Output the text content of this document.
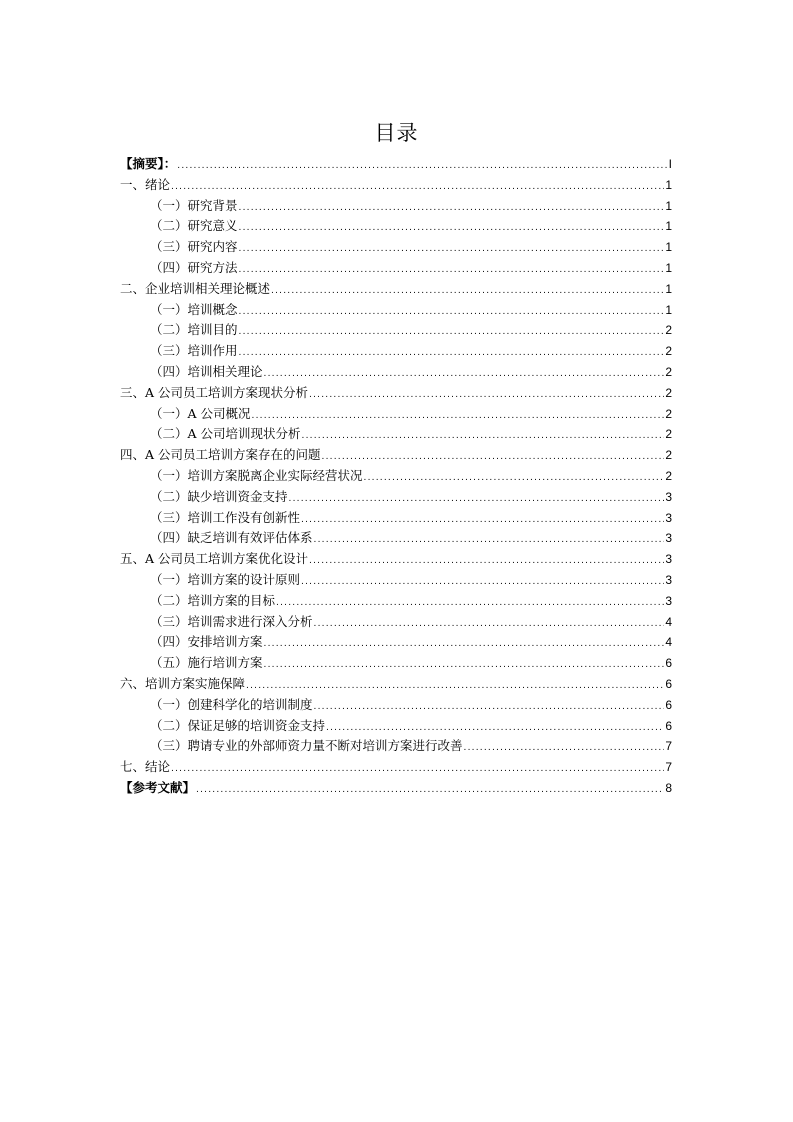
目录
【摘要】： .....	I
一、绪论 .....	1
（一）研究背景 .....	1
（二）研究意义 .....	1
（三）研究内容 .....	1
（四）研究方法 .....	1
二、企业培训相关理论概述 .....	1
（一）培训概念 .....	1
（二）培训目的 .....	2
（三）培训作用 .....	2
（四）培训相关理论 .....	2
三、A 公司员工培训方案现状分析 .....	2
（一）A 公司概况 .....	2
（二）A 公司培训现状分析 .....	2
四、A 公司员工培训方案存在的问题 .....	2
（一）培训方案脱离企业实际经营状况 .....	2
（二）缺少培训资金支持 .....	3
（三）培训工作没有创新性 .....	3
（四）缺乏培训有效评估体系 .....	3
五、A 公司员工培训方案优化设计 .....	3
（一）培训方案的设计原则 .....	3
（二）培训方案的目标 .....	3
（三）培训需求进行深入分析 .....	4
（四）安排培训方案 .....	4
（五）施行培训方案 .....	6
六、培训方案实施保障 .....	6
（一）创建科学化的培训制度 .....	6
（二）保证足够的培训资金支持 .....	6
（三）聘请专业的外部师资力量不断对培训方案进行改善 .....	7
七、结论 .....	7
【参考文献】 .....	8
